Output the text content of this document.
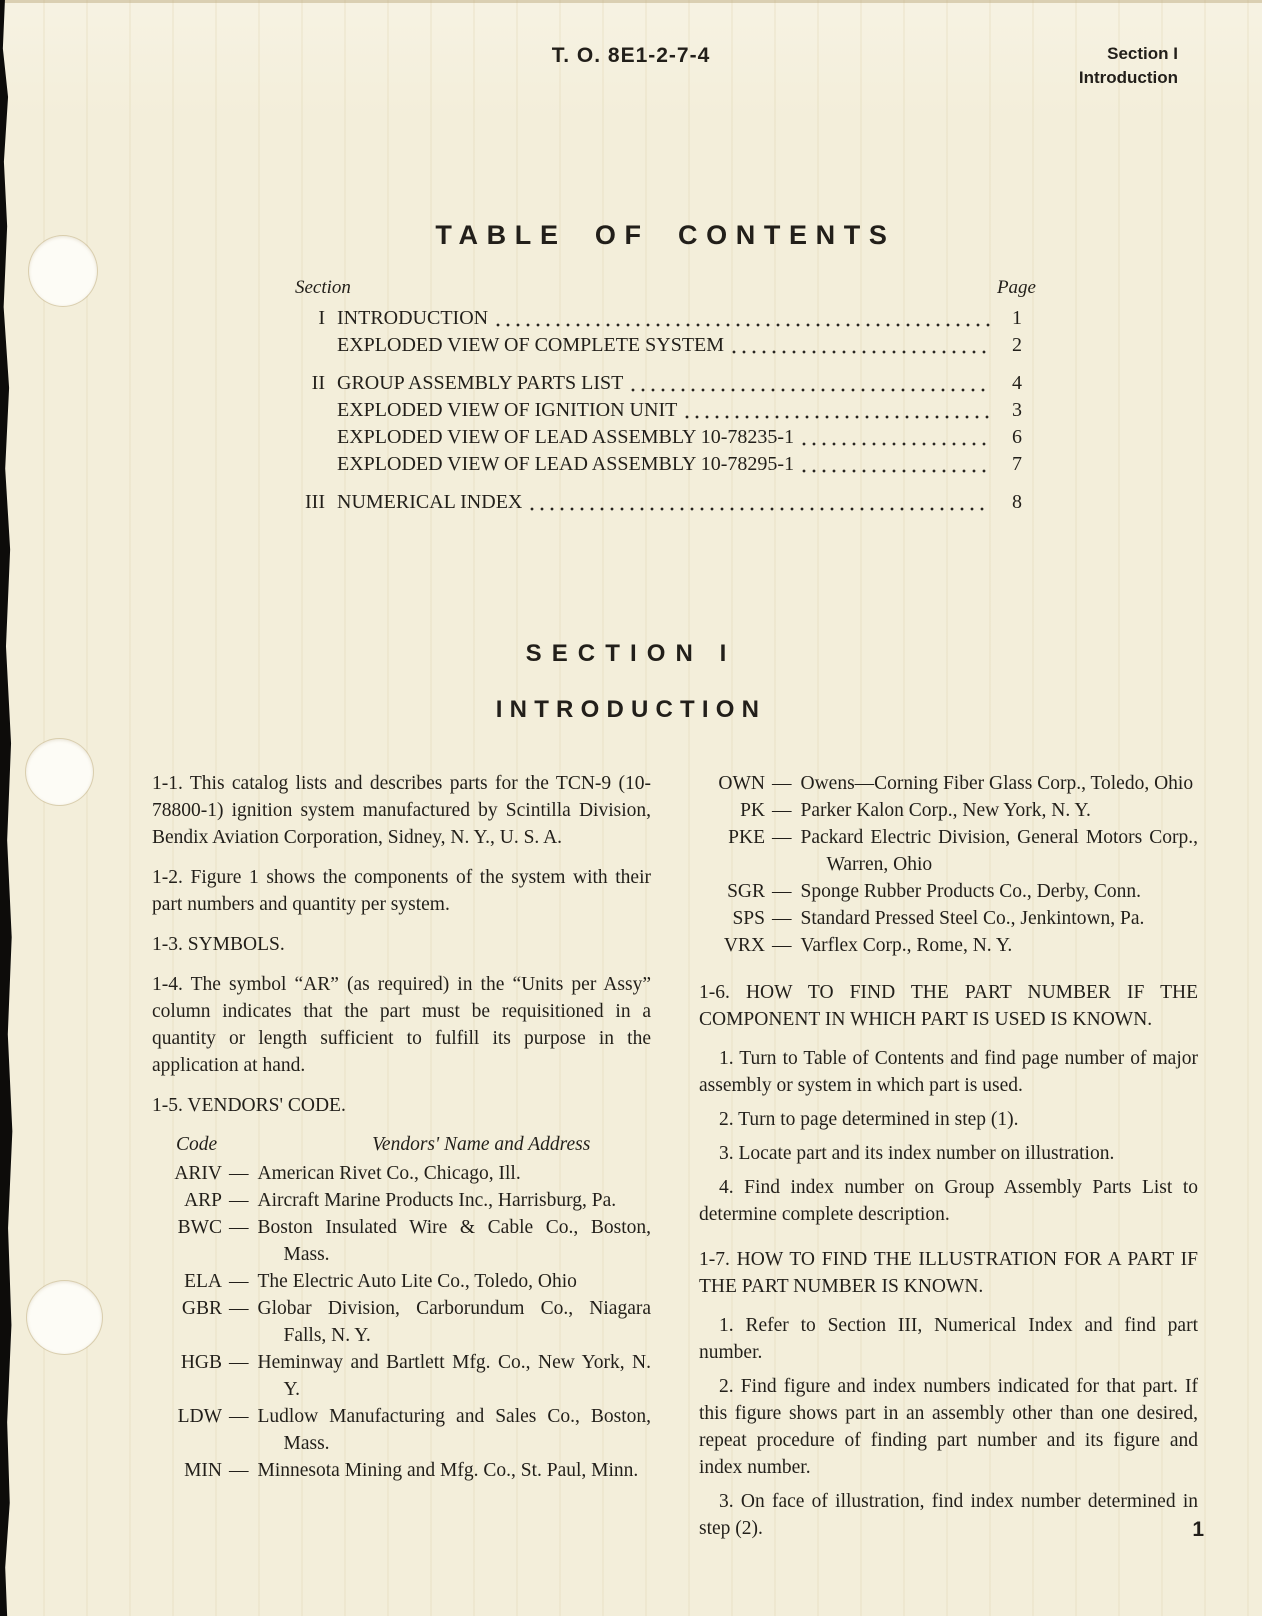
T. O. 8E1-2-7-4	Section I
Introduction
TABLE OF CONTENTS
Section	Page
I INTRODUCTION	1
EXPLODED VIEW OF COMPLETE SYSTEM	2
II GROUP ASSEMBLY PARTS LIST	4
EXPLODED VIEW OF IGNITION UNIT	3
EXPLODED VIEW OF LEAD ASSEMBLY 10-78235-1	6
EXPLODED VIEW OF LEAD ASSEMBLY 10-78295-1	7
III NUMERICAL INDEX	8
SECTION I
INTRODUCTION

1-1. This catalog lists and describes parts for the TCN-9 (10-78800-1) ignition system manufactured by Scintilla Division, Bendix Aviation Corporation, Sidney, N. Y., U. S. A.

1-2. Figure 1 shows the components of the system with their part numbers and quantity per system.

1-3. SYMBOLS.

1-4. The symbol “AR” (as required) in the “Units per Assy” column indicates that the part must be requisitioned in a quantity or length sufficient to fulfill its purpose in the application at hand.

1-5. VENDORS' CODE.

Code	Vendors' Name and Address
ARIV — American Rivet Co., Chicago, Ill.
ARP — Aircraft Marine Products Inc., Harrisburg, Pa.
BWC — Boston Insulated Wire & Cable Co., Boston, Mass.
ELA — The Electric Auto Lite Co., Toledo, Ohio
GBR — Globar Division, Carborundum Co., Niagara Falls, N. Y.
HGB — Heminway and Bartlett Mfg. Co., New York, N. Y.
LDW — Ludlow Manufacturing and Sales Co., Boston, Mass.
MIN — Minnesota Mining and Mfg. Co., St. Paul, Minn.
OWN — Owens—Corning Fiber Glass Corp., Toledo, Ohio
PK — Parker Kalon Corp., New York, N. Y.
PKE — Packard Electric Division, General Motors Corp., Warren, Ohio
SGR — Sponge Rubber Products Co., Derby, Conn.
SPS — Standard Pressed Steel Co., Jenkintown, Pa.
VRX — Varflex Corp., Rome, N. Y.

1-6. HOW TO FIND THE PART NUMBER IF THE COMPONENT IN WHICH PART IS USED IS KNOWN.

1. Turn to Table of Contents and find page number of major assembly or system in which part is used.

2. Turn to page determined in step (1).

3. Locate part and its index number on illustration.

4. Find index number on Group Assembly Parts List to determine complete description.

1-7. HOW TO FIND THE ILLUSTRATION FOR A PART IF THE PART NUMBER IS KNOWN.

1. Refer to Section III, Numerical Index and find part number.

2. Find figure and index numbers indicated for that part. If this figure shows part in an assembly other than one desired, repeat procedure of finding part number and its figure and index number.

3. On face of illustration, find index number determined in step (2).	1
